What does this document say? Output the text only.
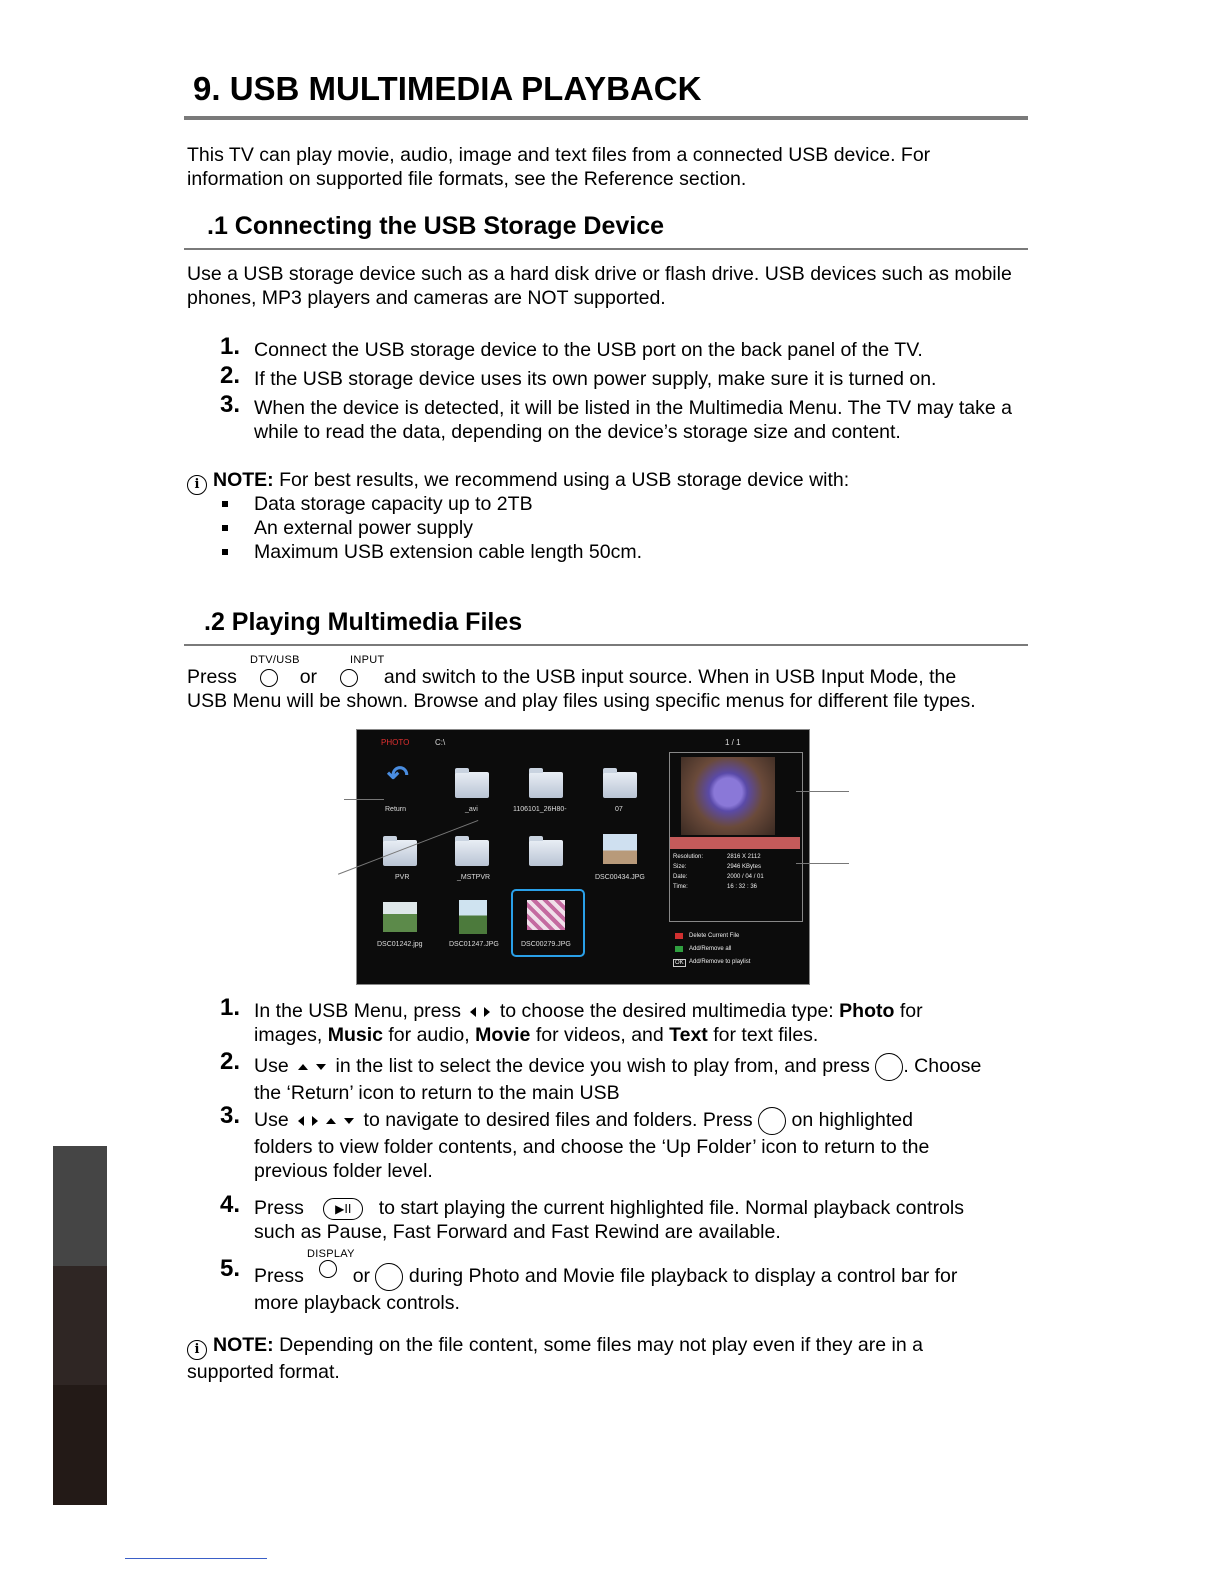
9. USB MULTIMEDIA PLAYBACK
This TV can play movie, audio, image and text files from a connected USB device. For information on supported file formats, see the Reference section.
.1 Connecting the USB Storage Device
Use a USB storage device such as a hard disk drive or flash drive. USB devices such as mobile phones, MP3 players and cameras are NOT supported.
1. Connect the USB storage device to the USB port on the back panel of the TV.
2. If the USB storage device uses its own power supply, make sure it is turned on.
3. When the device is detected, it will be listed in the Multimedia Menu. The TV may take a while to read the data, depending on the device’s storage size and content.
i NOTE: For best results, we recommend using a USB storage device with:
Data storage capacity up to 2TB
An external power supply
Maximum USB extension cable length 50cm.
.2 Playing Multimedia Files
DTV/USB	INPUT
Press	or	and switch to the USB input source. When in USB Input Mode, the
USB Menu will be shown. Browse and play files using specific menus for different file types.
PHOTO	C:\	1 / 1
↶
Return	_avi	1106101_26H80-	07
PVR	_MSTPVR	DSC00434.JPG
DSC01242.jpg	DSC01247.JPG	DSC00279.JPG
Resolution:	2816 X 2112
Size:	2946 KBytes
Date:	2000 / 04 / 01
Time:	16 : 32 : 36
Delete Current File
Add/Remove all
OK Add/Remove to playlist
1. In the USB Menu, press to choose the desired multimedia type: Photo for
images, Music for audio, Movie for videos, and Text for text files.
2. Use in the list to select the device you wish to play from, and press . Choose
the ‘Return’ icon to return to the main USB
3. Use	to navigate to desired files and folders. Press on highlighted
folders to view folder contents, and choose the ‘Up Folder’ icon to return to the
previous folder level.
4. Press	▶II to start playing the current highlighted file. Normal playback controls
such as Pause, Fast Forward and Fast Rewind are available.
DISPLAY
5. Press	or during Photo and Movie file playback to display a control bar for
more playback controls.
i NOTE: Depending on the file content, some files may not play even if they are in a
supported format.
